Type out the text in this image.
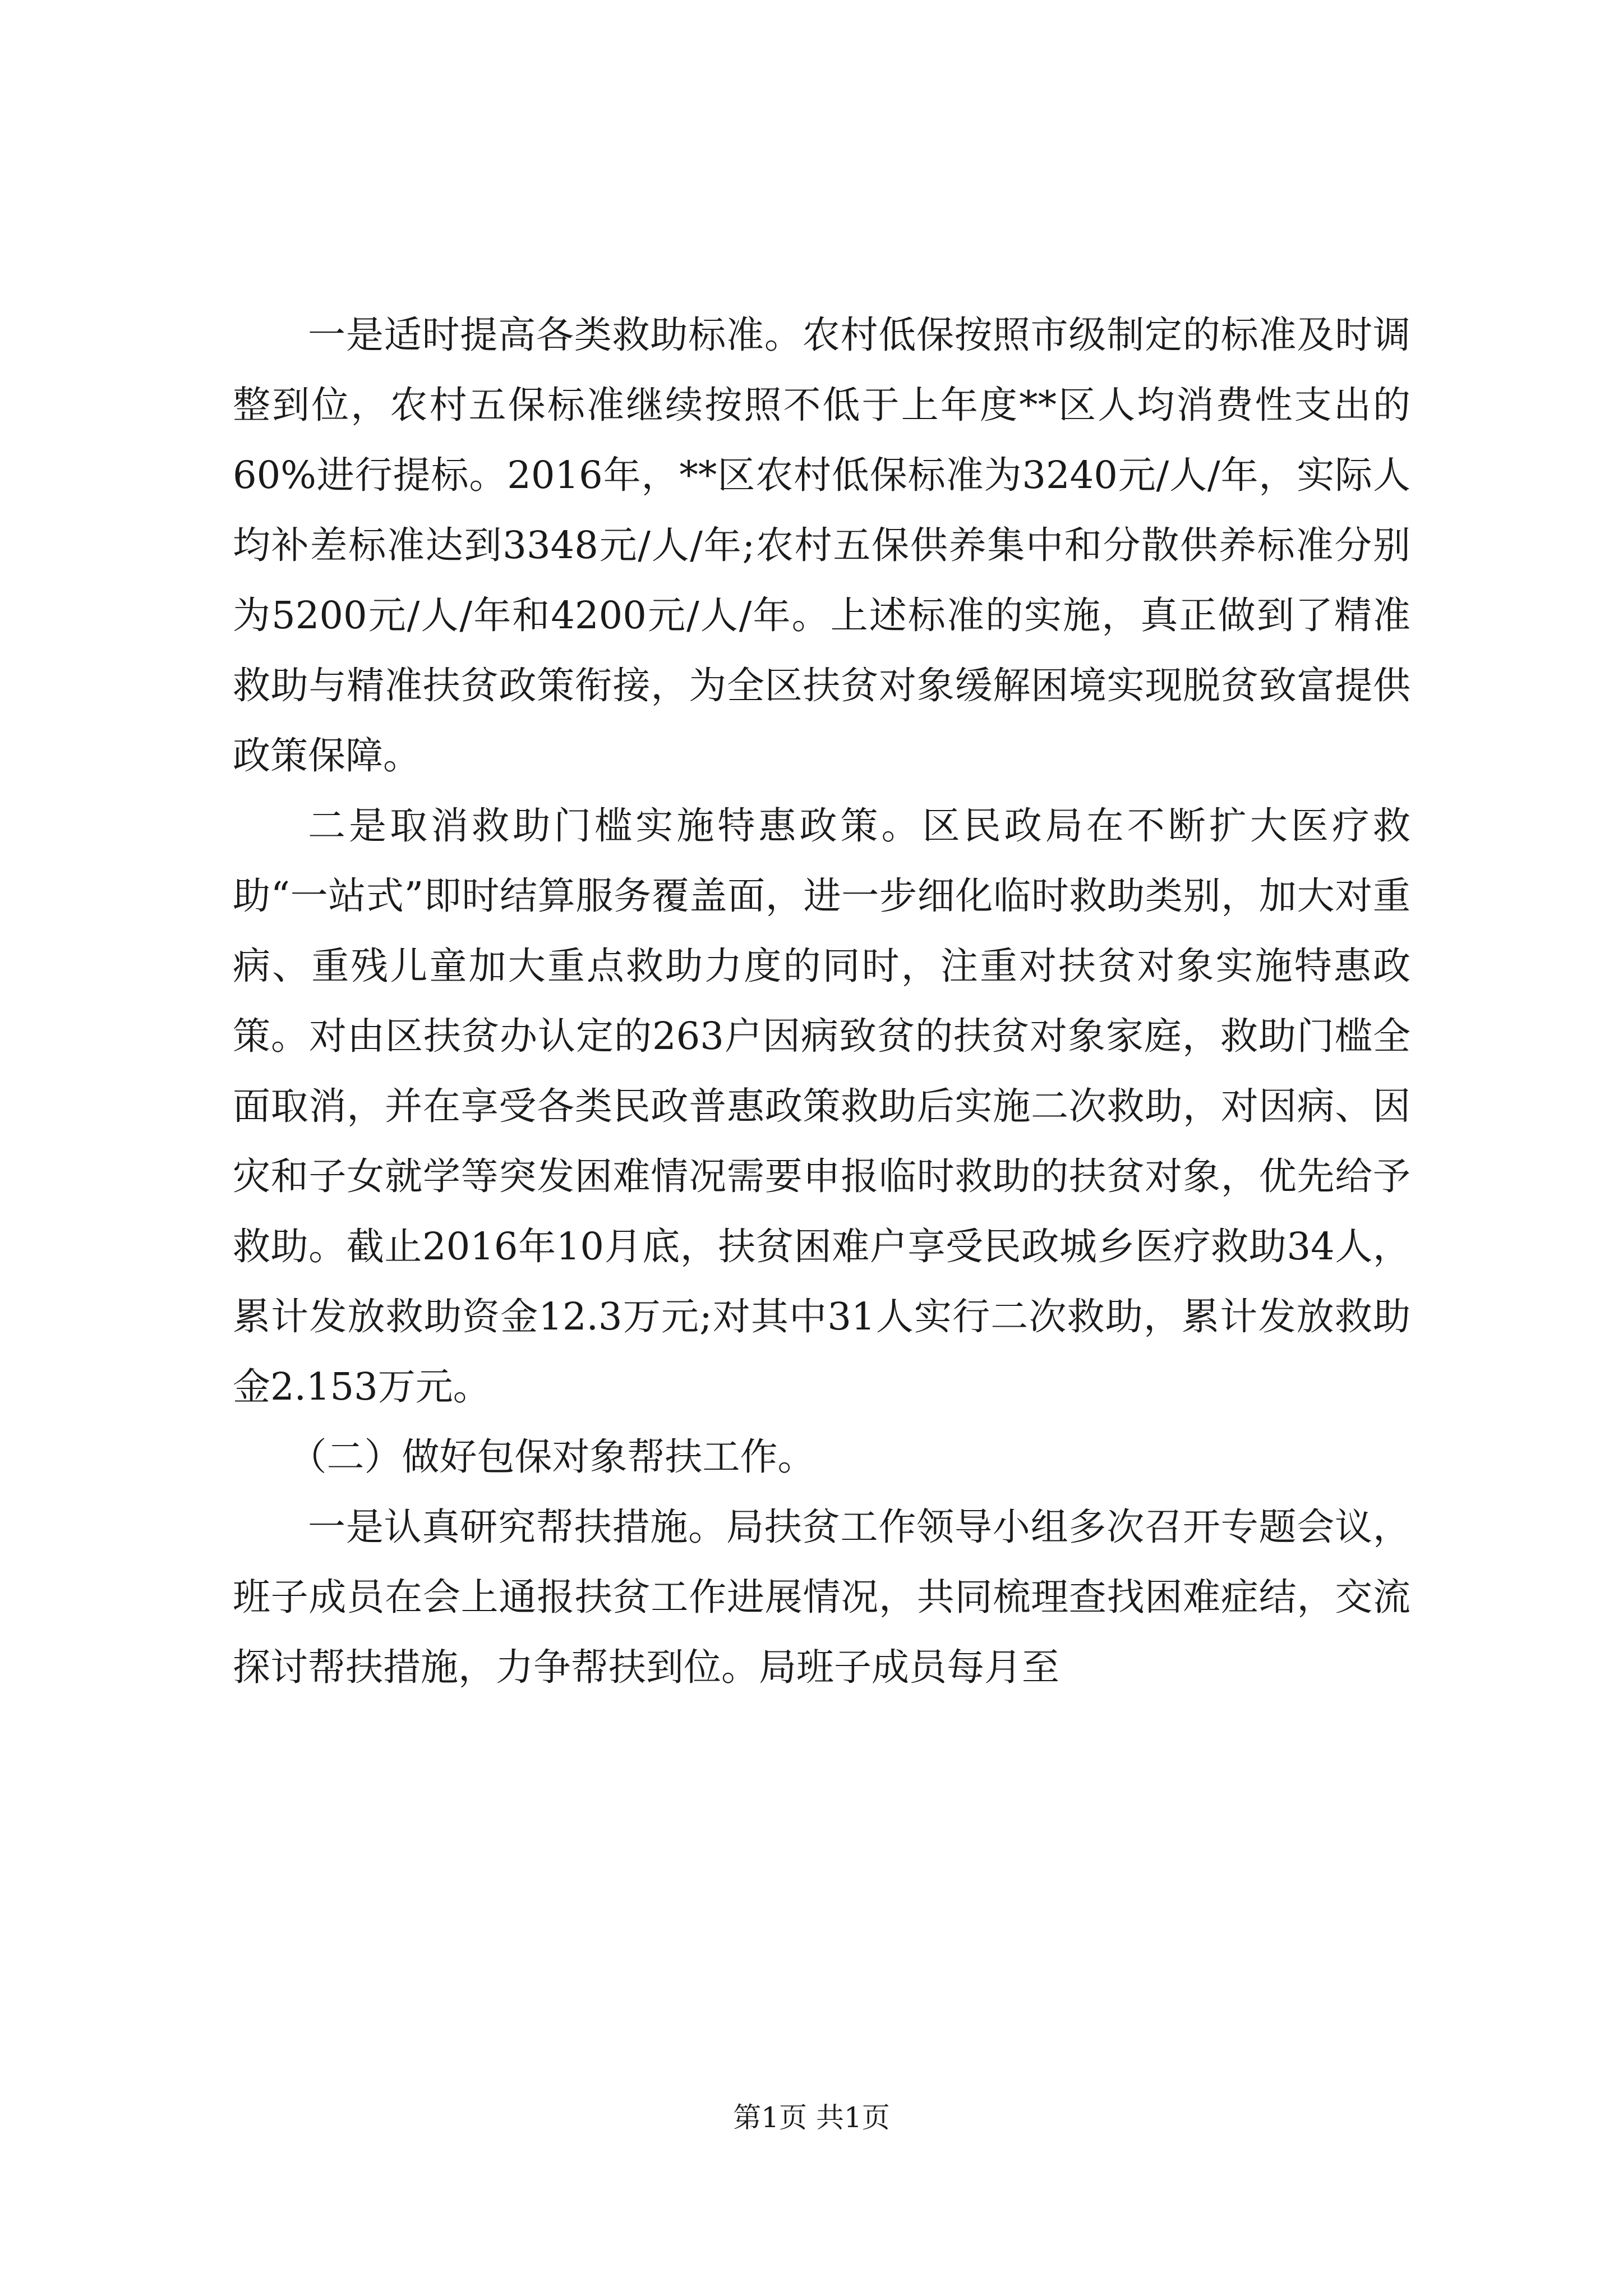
一是适时提高各类救助标准。农村低保按照市级制定的标准及时调整到位，农村五保标准继续按照不低于上年度**区人均消费性支出的60%进行提标。2016年，**区农村低保标准为3240元/人/年，实际人均补差标准达到3348元/人/年;农村五保供养集中和分散供养标准分别为5200元/人/年和4200元/人/年。上述标准的实施，真正做到了精准救助与精准扶贫政策衔接，为全区扶贫对象缓解困境实现脱贫致富提供政策保障。

二是取消救助门槛实施特惠政策。区民政局在不断扩大医疗救助“一站式”即时结算服务覆盖面，进一步细化临时救助类别，加大对重病、重残儿童加大重点救助力度的同时，注重对扶贫对象实施特惠政策。对由区扶贫办认定的263户因病致贫的扶贫对象家庭，救助门槛全面取消，并在享受各类民政普惠政策救助后实施二次救助，对因病、因灾和子女就学等突发困难情况需要申报临时救助的扶贫对象，优先给予救助。截止2016年10月底，扶贫困难户享受民政城乡医疗救助34人，累计发放救助资金12.3万元;对其中31人实行二次救助，累计发放救助金2.153万元。

（二）做好包保对象帮扶工作。

一是认真研究帮扶措施。局扶贫工作领导小组多次召开专题会议，班子成员在会上通报扶贫工作进展情况，共同梳理查找困难症结，交流探讨帮扶措施，力争帮扶到位。局班子成员每月至

第1页 共1页
